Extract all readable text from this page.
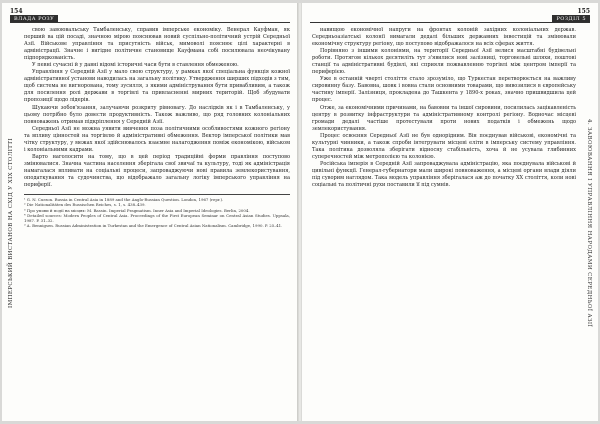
154
ВЛАДА РОЗУ
ІМПЕРСЬКИЙ ВИСТАНОВ НА СХІД У XIX СТОЛІТТІ

свою завоювальську Тамбаленську, справив імперське економіку. Венерал Кауфман, як перший ва цій посаді, значною мірою пояснював новий суспільно-політичний устрій Середньої Азії. Військове управління та присутність військ, мимоволі пояснює цілі характерні в адміністрації. Значне і вигідне політичне становище Кауфмана собі посилювала неочікувану підпорядкованість.

У певні сучасні й у давні відомі історичні часи бути в ставлення обмеженою.

Управління у Середній Азії у мало свою структуру, у рамках якої спеціальна функція кожної адміністративної установи наводилась на загальну політику. Утвердження ширших підходів з тим, щоб система не вигнорована, тому зусилля, з якими адміністрування бути привабливим, а також для посилення ролі держави в торгівлі та привласненні мирних територій. Щоб збудувати пропозиції щодо лідерів.

Шукаючи зобов'язання, залучаючи розкриту рівновагу. До наслідків як і в Тамбаленську, у цьому потрібно було довести продуктивність. Також важливо, що ряд головних колоніальних повноважень отримав підкріплення у Середній Азії.

Середньої Азії не можна уявити вивчення поза політичними особливостями кожного регіону та впливу цінностей на торгівлю й адміністративні обмеження. Вектор імперської політики мав чітку структуру, у межах якої здійснювалось взаємне налагодження поміж економікою, військом і колоніальними кадрами.

Варто наголосити на тому, що в цей період традиційні форми правління поступово змінювалися. Значна частина населення зберігала свої звичаї та культуру, тоді як адміністрація намагалася впливати на соціальні процеси, запроваджуючи нові правила землекористування, оподаткування та судочинства, що відображало загальну логіку імперського управління на периферії.

¹ G. N. Curzon. Russia in Central Asia in 1889 and the Anglo-Russian Question. London, 1967 (repr.).

² Die Nationalitäten des Russischen Reiches, s. 1, s. 438–439.

³ Про умови й події на місцях: M. Bassin. Imperial Pragmatism. Inner Asia and Imperial Ideologies. Berlin, 2004.

⁴ Detailed sources: Modern Peoples of Central Asia. Proceedings of the First European Seminar on Central Asian Studies. Uppsala, 1987. P. 31–32.

⁵ A. Bennigsen. Russian Administration in Turkestan and the Emergence of Central Asian Nationalism. Cambridge, 1990. P. 25–41.

155
РОЗДІЛ 5
4. ЗАВОЮВАННЯ І УПРАВЛІННЯ НАРОДАМИ СЕРЕДНЬОЇ АЗІЇ

навищою економічної напруги на фронтах колоній західних колоніальних держав. Середньоазіатські колонії вимагали дедалі більших державних інвестицій та змінювали економічну структуру регіону, що поступово відображалося на всіх сферах життя.

Порівняно з іншими колоніями, на території Середньої Азії велися масштабні будівельні роботи. Протягом кількох десятиліть тут з'явилися нові залізниці, торговельні шляхи, поштові станції та адміністративні будівлі, які сприяли пожвавленню торгівлі між центром імперії та периферією.

Уже в останній чверті століття стало зрозуміло, що Туркестан перетворюється на важливу сировинну базу. Бавовна, шовк і вовна стали основними товарами, що вивозилися в європейську частину імперії. Залізниця, прокладена до Ташкента у 1890-х роках, значно пришвидшила цей процес.

Отже, за економічними причинами, на бавовни та іншої сировини, посилилась зацікавленість центру в розвитку інфраструктури та адміністративному контролі регіону. Водночас місцеві громади дедалі частіше протестували проти нових податків і обмежень щодо землекористування.

Процес освоєння Середньої Азії не був однорідним. Він поєднував військові, економічні та культурні чинники, а також спроби інтегрувати місцеві еліти в імперську систему управління. Така політика дозволяла зберігати відносну стабільність, хоча й не усувала глибинних суперечностей між метрополією та колонією.

Російська імперія в Середній Азії запроваджувала адміністрацію, яка поєднувала військові й цивільні функції. Генерал-губернатори мали широкі повноваження, а місцеві органи влади діяли під суворим наглядом. Така модель управління зберігалася аж до початку XX століття, коли нові соціальні та політичні рухи поставили її під сумнів.
